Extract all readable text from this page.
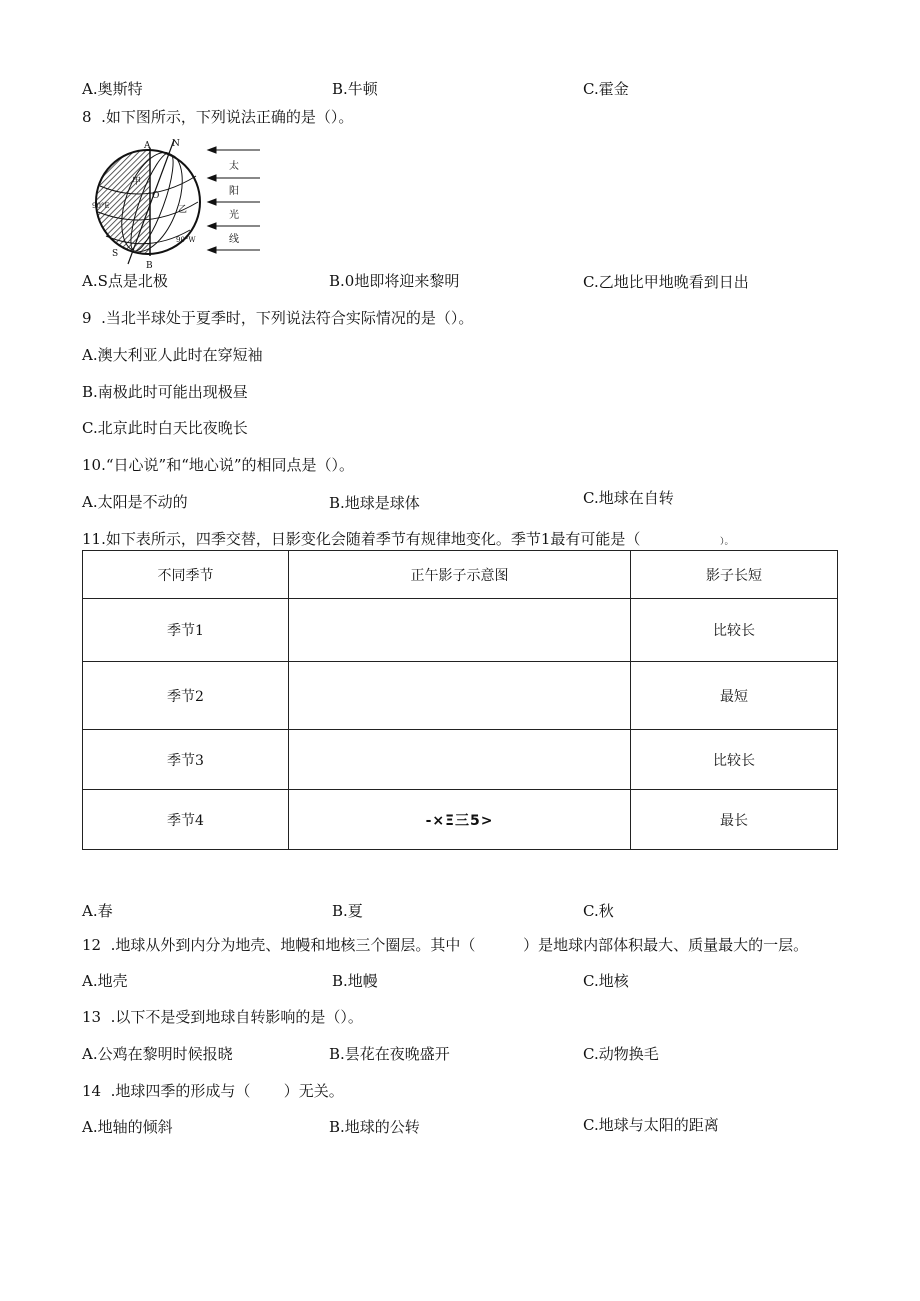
A.奥斯特	B.牛顿	C.霍金
8  .如下图所示，下列说法正确的是（）。
A N
甲
O
乙
90°E
90°W
S
B
太
阳
光
线
A.S点是北极	B.0地即将迎来黎明	C.乙地比甲地晚看到日出
9  .当北半球处于夏季时，下列说法符合实际情况的是（）。
A.澳大利亚人此时在穿短袖
B.南极此时可能出现极昼
C.北京此时白天比夜晚长
10.“日心说”和“地心说”的相同点是（）。
A.太阳是不动的	B.地球是球体	C.地球在自转
11.如下表所示，四季交替，日影变化会随着季节有规律地变化。季节1最有可能是（	）。
不同季节	正午影子示意图	影子长短
季节1		比较长
季节2		最短
季节3		比较长
季节4	-×Ξ三5>	最长
A.春	B.夏	C.秋
12  .地球从外到内分为地壳、地幔和地核三个圈层。其中（          ）是地球内部体积最大、质量最大的一层。
A.地壳	B.地幔	C.地核
13  .以下不是受到地球自转影响的是（）。
A.公鸡在黎明时候报晓	B.昙花在夜晚盛开	C.动物换毛
14  .地球四季的形成与（       ）无关。
A.地轴的倾斜	B.地球的公转	C.地球与太阳的距离
